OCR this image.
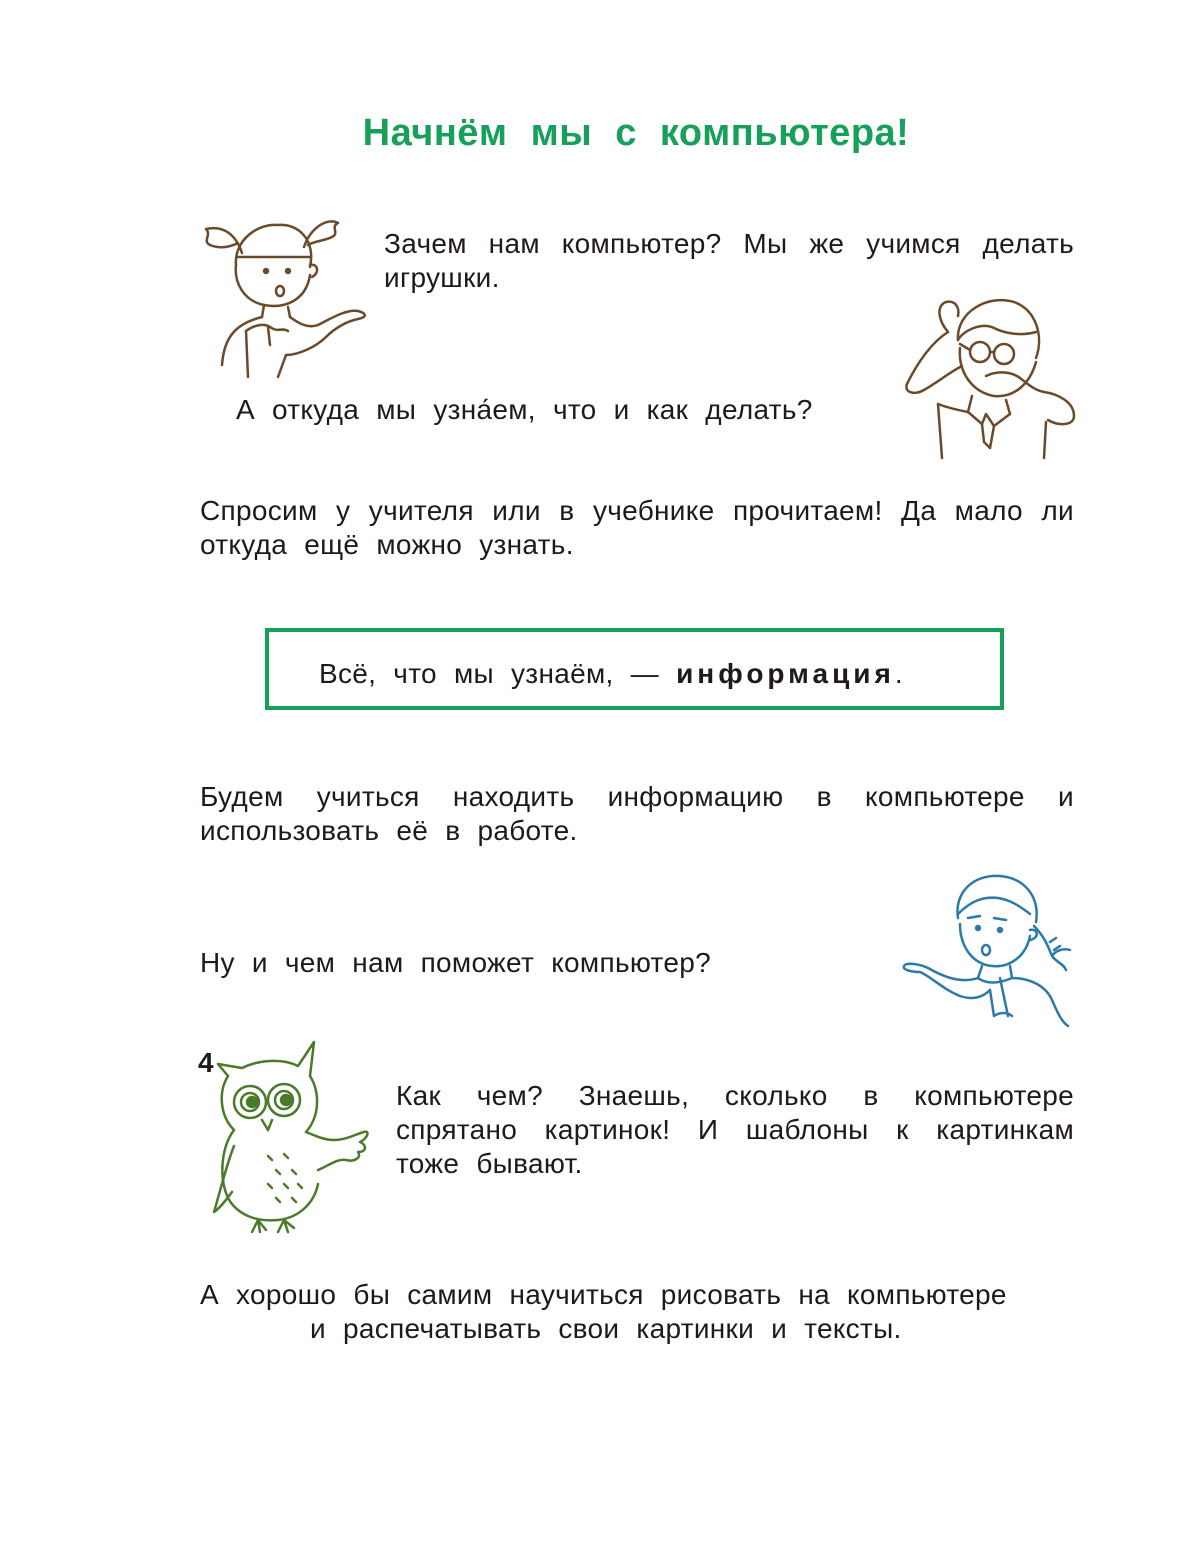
Начнём мы с компьютера!

Зачем нам компьютер? Мы же учимся делать игрушки.

А откуда мы узна́ем, что и как делать?

Спросим у учителя или в учебнике прочитаем! Да мало ли откуда ещё можно узнать.

Всё, что мы узнаём, — информация.

Будем учиться находить информацию в компьютере и использовать её в работе.

Ну и чем нам поможет компьютер?

Как чем? Знаешь, сколько в компьютере спрятано картинок! И шаблоны к картинкам тоже бывают.

А хорошо бы самим научиться рисовать на компьютере

и распечатывать свои картинки и тексты.

4
